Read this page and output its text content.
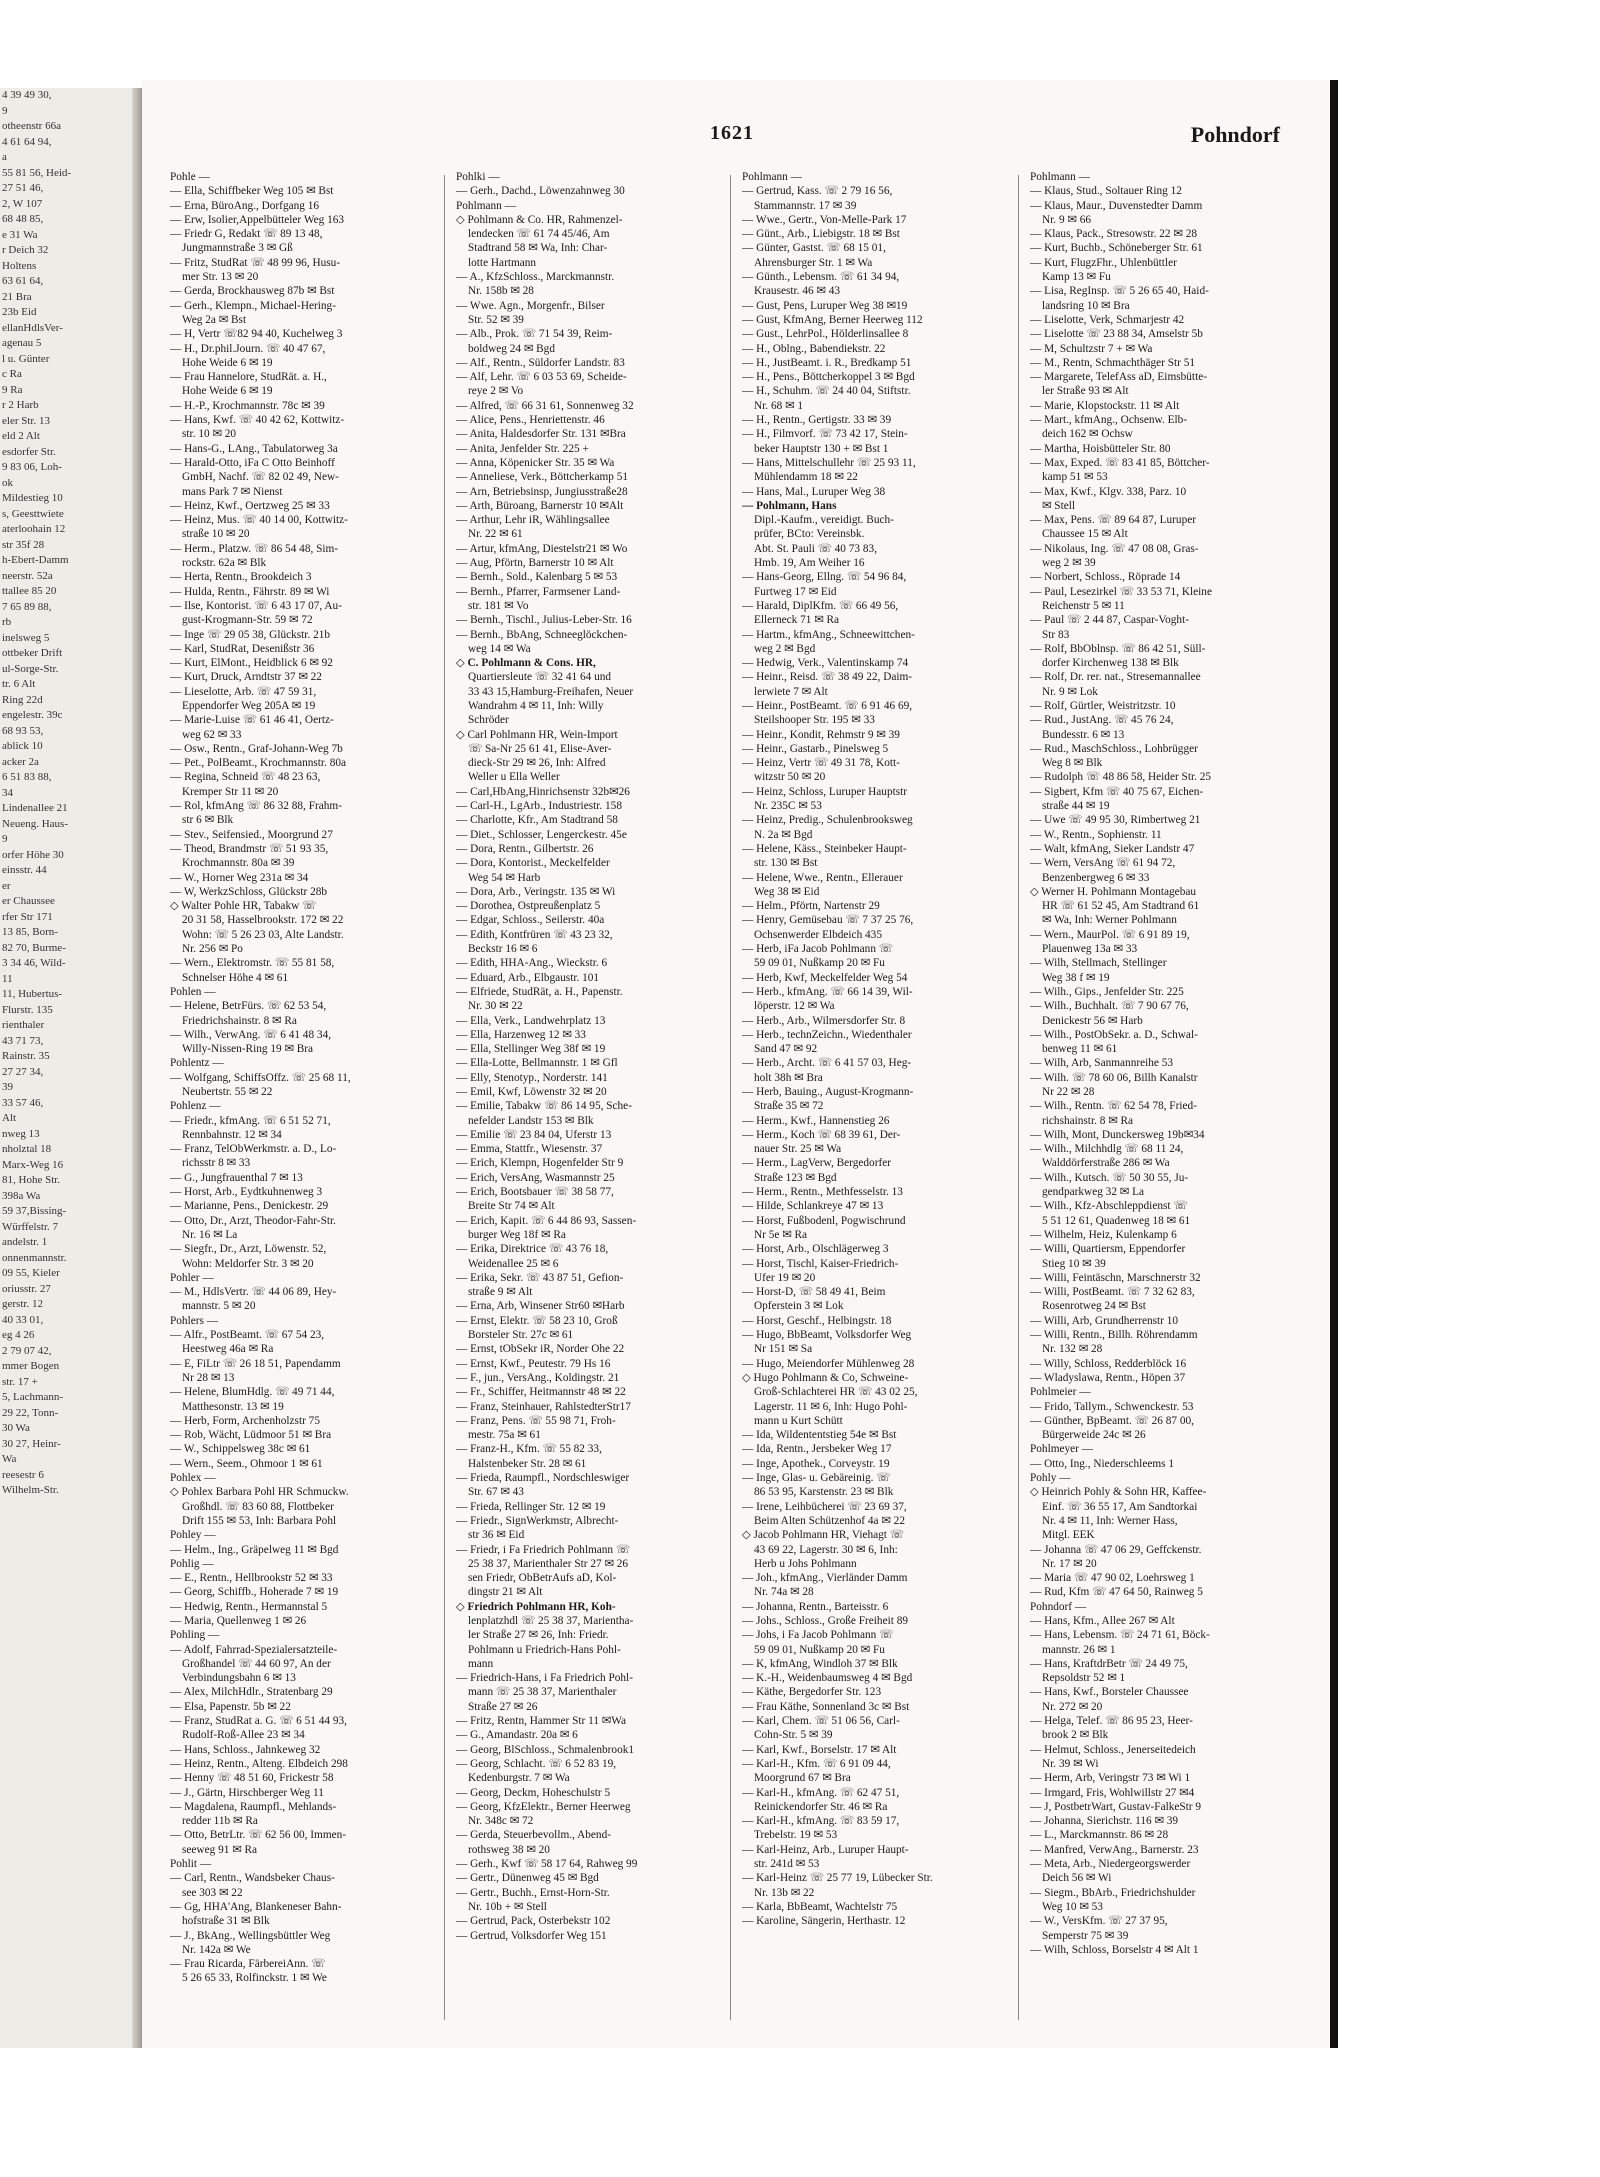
4 39 49 30,
9
otheenstr 66a
4 61 64 94,
a
55 81 56, Heid-
27 51 46,
2, W 107
68 48 85,
e 31 Wa
r Deich 32
Holtens
63 61 64,
21 Bra
23b Eid
ellanHdlsVer-
agenau 5
l u. Günter
c Ra
9 Ra
r 2 Harb
eler Str. 13
eld 2 Alt
esdorfer Str.
9 83 06, Loh-
ok
Mildestieg 10
s, Geesttwiete
aterloohain 12
str 35f 28
h-Ebert-Damm
neerstr. 52a
ttallee 85 20
7 65 89 88,
rb
inelsweg 5
ottbeker Drift
ul-Sorge-Str.
tr. 6 Alt
Ring 22d
engelestr. 39c
68 93 53,
ablick 10
acker 2a
6 51 83 88,
34
Lindenallee 21
Neueng. Haus-
9
orfer Höhe 30
einsstr. 44
er
er Chaussee
rfer Str 171
13 85, Born-
82 70, Burme-
3 34 46, Wild-
11
11, Hubertus-
Flurstr. 135
rienthaler
43 71 73,
Rainstr. 35
27 27 34,
39
33 57 46,
Alt
nweg 13
nholztal 18
Marx-Weg 16
81, Hohe Str.
398a Wa
59 37,Bissing-
Würffelstr. 7
andelstr. 1
onnenmannstr.
09 55, Kieler
oriusstr. 27
gerstr. 12
40 33 01,
eg 4 26
2 79 07 42,
mmer Bogen
str. 17 +
5, Lachmann-
29 22, Tonn-
30 Wa
30 27, Heinr-
Wa
reesestr 6
Wilhelm-Str.
1621	Pohndorf
Pohle —
— Ella, Schiffbeker Weg 105 ✉ Bst
— Erna, BüroAng., Dorfgang 16
— Erw, Isolier,Appelbütteler Weg 163
— Friedr G, Redakt ☏ 89 13 48,
Jungmannstraße 3 ✉ Gß
— Fritz, StudRat ☏ 48 99 96, Husu-
mer Str. 13 ✉ 20
— Gerda, Brockhausweg 87b ✉ Bst
— Gerh., Klempn., Michael-Hering-
Weg 2a ✉ Bst
— H, Vertr ☏82 94 40, Kuchelweg 3
— H., Dr.phil.Journ. ☏ 40 47 67,
Hohe Weide 6 ✉ 19
— Frau Hannelore, StudRät. a. H.,
Hohe Weide 6 ✉ 19
— H.-P., Krochmannstr. 78c ✉ 39
— Hans, Kwf. ☏ 40 42 62, Kottwitz-
str. 10 ✉ 20
— Hans-G., LAng., Tabulatorweg 3a
— Harald-Otto, iFa C Otto Beinhoff
GmbH, Nachf. ☏ 82 02 49, New-
mans Park 7 ✉ Nienst
— Heinz, Kwf., Oertzweg 25 ✉ 33
— Heinz, Mus. ☏ 40 14 00, Kottwitz-
straße 10 ✉ 20
— Herm., Platzw. ☏ 86 54 48, Sim-
rockstr. 62a ✉ Blk
— Herta, Rentn., Brookdeich 3
— Hulda, Rentn., Fährstr. 89 ✉ Wi
— Ilse, Kontorist. ☏ 6 43 17 07, Au-
gust-Krogmann-Str. 59 ✉ 72
— Inge ☏ 29 05 38, Glückstr. 21b
— Karl, StudRat, Desenißstr 36
— Kurt, ElMont., Heidblick 6 ✉ 92
— Kurt, Druck, Arndtstr 37 ✉ 22
— Lieselotte, Arb. ☏ 47 59 31,
Eppendorfer Weg 205A ✉ 19
— Marie-Luise ☏ 61 46 41, Oertz-
weg 62 ✉ 33
— Osw., Rentn., Graf-Johann-Weg 7b
— Pet., PolBeamt., Krochmannstr. 80a
— Regina, Schneid ☏ 48 23 63,
Kremper Str 11 ✉ 20
— Rol, kfmAng ☏ 86 32 88, Frahm-
str 6 ✉ Blk
— Stev., Seifensied., Moorgrund 27
— Theod, Brandmstr ☏ 51 93 35,
Krochmannstr. 80a ✉ 39
— W., Horner Weg 231a ✉ 34
— W, WerkzSchloss, Glückstr 28b
◇ Walter Pohle HR, Tabakw ☏
20 31 58, Hasselbrookstr. 172 ✉ 22
Wohn: ☏ 5 26 23 03, Alte Landstr.
Nr. 256 ✉ Po
— Wern., Elektromstr. ☏ 55 81 58,
Schnelser Höhe 4 ✉ 61
Pohlen —
— Helene, BetrFürs. ☏ 62 53 54,
Friedrichshainstr. 8 ✉ Ra
— Wilh., VerwAng. ☏ 6 41 48 34,
Willy-Nissen-Ring 19 ✉ Bra
Pohlentz —
— Wolfgang, SchiffsOffz. ☏ 25 68 11,
Neubertstr. 55 ✉ 22
Pohlenz —
— Friedr., kfmAng. ☏ 6 51 52 71,
Rennbahnstr. 12 ✉ 34
— Franz, TelObWerkmstr. a. D., Lo-
richsstr 8 ✉ 33
— G., Jungfrauenthal 7 ✉ 13
— Horst, Arb., Eydtkuhnenweg 3
— Marianne, Pens., Denickestr. 29
— Otto, Dr., Arzt, Theodor-Fahr-Str.
Nr. 16 ✉ La
— Siegfr., Dr., Arzt, Löwenstr. 52,
Wohn: Meldorfer Str. 3 ✉ 20
Pohler —
— M., HdlsVertr. ☏ 44 06 89, Hey-
mannstr. 5 ✉ 20
Pohlers —
— Alfr., PostBeamt. ☏ 67 54 23,
Heestweg 46a ✉ Ra
— E, FiLtr ☏ 26 18 51, Papendamm
Nr 28 ✉ 13
— Helene, BlumHdlg. ☏ 49 71 44,
Matthesonstr. 13 ✉ 19
— Herb, Form, Archenholzstr 75
— Rob, Wächt, Lüdmoor 51 ✉ Bra
— W., Schippelsweg 38c ✉ 61
— Wern., Seem., Ohmoor 1 ✉ 61
Pohlex —
◇ Pohlex Barbara Pohl HR Schmuckw.
Großhdl. ☏ 83 60 88, Flottbeker
Drift 155 ✉ 53, Inh: Barbara Pohl
Pohley —
— Helm., Ing., Gräpelweg 11 ✉ Bgd
Pohlig —
— E., Rentn., Hellbrookstr 52 ✉ 33
— Georg, Schiffb., Hoherade 7 ✉ 19
— Hedwig, Rentn., Hermannstal 5
— Maria, Quellenweg 1 ✉ 26
Pohling —
— Adolf, Fahrrad-Spezialersatzteile-
Großhandel ☏ 44 60 97, An der
Verbindungsbahn 6 ✉ 13
— Alex, MilchHdlr., Stratenbarg 29
— Elsa, Papenstr. 5b ✉ 22
— Franz, StudRat a. G. ☏ 6 51 44 93,
Rudolf-Roß-Allee 23 ✉ 34
— Hans, Schloss., Jahnkeweg 32
— Heinz, Rentn., Alteng. Elbdeich 298
— Henny ☏ 48 51 60, Frickestr 58
— J., Gärtn, Hirschberger Weg 11
— Magdalena, Raumpfl., Mehlands-
redder 11b ✉ Ra
— Otto, BetrLtr. ☏ 62 56 00, Immen-
seeweg 91 ✉ Ra
Pohlit —
— Carl, Rentn., Wandsbeker Chaus-
see 303 ✉ 22
— Gg, HHA'Ang, Blankeneser Bahn-
hofstraße 31 ✉ Blk
— J., BkAng., Wellingsbüttler Weg
Nr. 142a ✉ We
— Frau Ricarda, FärbereiAnn. ☏
5 26 65 33, Rolfinckstr. 1 ✉ We
Pohlki —
— Gerh., Dachd., Löwenzahnweg 30
Pohlmann —
◇ Pohlmann & Co. HR, Rahmenzel-
lendecken ☏ 61 74 45/46, Am
Stadtrand 58 ✉ Wa, Inh: Char-
lotte Hartmann
— A., KfzSchloss., Marckmannstr.
Nr. 158b ✉ 28
— Wwe. Agn., Morgenfr., Bilser
Str. 52 ✉ 39
— Alb., Prok. ☏ 71 54 39, Reim-
boldweg 24 ✉ Bgd
— Alf., Rentn., Süldorfer Landstr. 83
— Alf, Lehr. ☏ 6 03 53 69, Scheide-
reye 2 ✉ Vo
— Alfred, ☏ 66 31 61, Sonnenweg 32
— Alice, Pens., Henriettenstr. 46
— Anita, Haldesdorfer Str. 131 ✉Bra
— Anita, Jenfelder Str. 225 +
— Anna, Köpenicker Str. 35 ✉ Wa
— Anneliese, Verk., Böttcherkamp 51
— Arn, Betriebsinsp, Jungiusstraße28
— Arth, Büroang, Barnerstr 10 ✉Alt
— Arthur, Lehr iR, Wählingsallee
Nr. 22 ✉ 61
— Artur, kfmAng, Diestelstr21 ✉ Wo
— Aug, Pförtn, Barnerstr 10 ✉ Alt
— Bernh., Sold., Kalenbarg 5 ✉ 53
— Bernh., Pfarrer, Farmsener Land-
str. 181 ✉ Vo
— Bernh., Tischl., Julius-Leber-Str. 16
— Bernh., BbAng, Schneeglöckchen-
weg 14 ✉ Wa
◇ C. Pohlmann & Cons. HR,
Quartiersleute ☏ 32 41 64 und
33 43 15,Hamburg-Freihafen, Neuer
Wandrahm 4 ✉ 11, Inh: Willy
Schröder
◇ Carl Pohlmann HR, Wein-Import
☏ Sa-Nr 25 61 41, Elise-Aver-
dieck-Str 29 ✉ 26, Inh: Alfred
Weller u Ella Weller
— Carl,HbAng,Hinrichsenstr 32b✉26
— Carl-H., LgArb., Industriestr. 158
— Charlotte, Kfr., Am Stadtrand 58
— Diet., Schlosser, Lengerckestr. 45e
— Dora, Rentn., Gilbertstr. 26
— Dora, Kontorist., Meckelfelder
Weg 54 ✉ Harb
— Dora, Arb., Veringstr. 135 ✉ Wi
— Dorothea, Ostpreußenplatz 5
— Edgar, Schloss., Seilerstr. 40a
— Edith, Kontfrüren ☏ 43 23 32,
Beckstr 16 ✉ 6
— Edith, HHA-Ang., Wieckstr. 6
— Eduard, Arb., Elbgaustr. 101
— Elfriede, StudRät, a. H., Papenstr.
Nr. 30 ✉ 22
— Ella, Verk., Landwehrplatz 13
— Ella, Harzenweg 12 ✉ 33
— Ella, Stellinger Weg 38f ✉ 19
— Ella-Lotte, Bellmannstr. 1 ✉ Gfl
— Elly, Stenotyp., Norderstr. 141
— Emil, Kwf, Löwenstr 32 ✉ 20
— Emilie, Tabakw ☏ 86 14 95, Sche-
nefelder Landstr 153 ✉ Blk
— Emilie ☏ 23 84 04, Uferstr 13
— Emma, Stattfr., Wiesenstr. 37
— Erich, Klempn, Hogenfelder Str 9
— Erich, VersAng, Wasmannstr 25
— Erich, Bootsbauer ☏ 38 58 77,
Breite Str 74 ✉ Alt
— Erich, Kapit. ☏ 6 44 86 93, Sassen-
burger Weg 18f ✉ Ra
— Erika, Direktrice ☏ 43 76 18,
Weidenallee 25 ✉ 6
— Erika, Sekr. ☏ 43 87 51, Gefion-
straße 9 ✉ Alt
— Erna, Arb, Winsener Str60 ✉Harb
— Ernst, Elektr. ☏ 58 23 10, Groß
Borsteler Str. 27c ✉ 61
— Ernst, tObSekr iR, Norder Ohe 22
— Ernst, Kwf., Peutestr. 79 Hs 16
— F., jun., VersAng., Koldingstr. 21
— Fr., Schiffer, Heitmannstr 48 ✉ 22
— Franz, Steinhauer, RahlstedterStr17
— Franz, Pens. ☏ 55 98 71, Froh-
mestr. 75a ✉ 61
— Franz-H., Kfm. ☏ 55 82 33,
Halstenbeker Str. 28 ✉ 61
— Frieda, Raumpfl., Nordschleswiger
Str. 67 ✉ 43
— Frieda, Rellinger Str. 12 ✉ 19
— Friedr., SignWerkmstr, Albrecht-
str 36 ✉ Eid
— Friedr, i Fa Friedrich Pohlmann ☏
25 38 37, Marienthaler Str 27 ✉ 26
sen Friedr, ObBetrAufs aD, Kol-
dingstr 21 ✉ Alt
◇ Friedrich Pohlmann HR, Koh-
lenplatzhdl ☏ 25 38 37, Marientha-
ler Straße 27 ✉ 26, Inh: Friedr.
Pohlmann u Friedrich-Hans Pohl-
mann
— Friedrich-Hans, i Fa Friedrich Pohl-
mann ☏ 25 38 37, Marienthaler
Straße 27 ✉ 26
— Fritz, Rentn, Hammer Str 11 ✉Wa
— G., Amandastr. 20a ✉ 6
— Georg, BlSchloss., Schmalenbrook1
— Georg, Schlacht. ☏ 6 52 83 19,
Kedenburgstr. 7 ✉ Wa
— Georg, Deckm, Hoheschulstr 5
— Georg, KfzElektr., Berner Heerweg
Nr. 348c ✉ 72
— Gerda, Steuerbevollm., Abend-
rothsweg 38 ✉ 20
— Gerh., Kwf ☏ 58 17 64, Rahweg 99
— Gertr., Dünenweg 45 ✉ Bgd
— Gertr., Buchh., Ernst-Horn-Str.
Nr. 10b + ✉ Stell
— Gertrud, Pack, Osterbekstr 102
— Gertrud, Volksdorfer Weg 151
Pohlmann —
— Gertrud, Kass. ☏ 2 79 16 56,
Stammannstr. 17 ✉ 39
— Wwe., Gertr., Von-Melle-Park 17
— Günt., Arb., Liebigstr. 18 ✉ Bst
— Günter, Gastst. ☏ 68 15 01,
Ahrensburger Str. 1 ✉ Wa
— Günth., Lebensm. ☏ 61 34 94,
Krausestr. 46 ✉ 43
— Gust, Pens, Luruper Weg 38 ✉19
— Gust, KfmAng, Berner Heerweg 112
— Gust., LehrPol., Hölderlinsallee 8
— H., Oblng., Babendiekstr. 22
— H., JustBeamt. i. R., Bredkamp 51
— H., Pens., Böttcherkoppel 3 ✉ Bgd
— H., Schuhm. ☏ 24 40 04, Stiftstr.
Nr. 68 ✉ 1
— H., Rentn., Gertigstr. 33 ✉ 39
— H., Filmvorf. ☏ 73 42 17, Stein-
beker Hauptstr 130 + ✉ Bst 1
— Hans, Mittelschullehr ☏ 25 93 11,
Mühlendamm 18 ✉ 22
— Hans, Mal., Luruper Weg 38
— Pohlmann, Hans
Dipl.-Kaufm., vereidigt. Buch-
prüfer, BCto: Vereinsbk.
Abt. St. Pauli ☏ 40 73 83,
Hmb. 19, Am Weiher 16
— Hans-Georg, Ellng. ☏ 54 96 84,
Furtweg 17 ✉ Eid
— Harald, DiplKfm. ☏ 66 49 56,
Ellerneck 71 ✉ Ra
— Hartm., kfmAng., Schneewittchen-
weg 2 ✉ Bgd
— Hedwig, Verk., Valentinskamp 74
— Heinr., Reisd. ☏ 38 49 22, Daim-
lerwiete 7 ✉ Alt
— Heinr., PostBeamt. ☏ 6 91 46 69,
Steilshooper Str. 195 ✉ 33
— Heinr., Kondit, Rehmstr 9 ✉ 39
— Heinr., Gastarb., Pinelsweg 5
— Heinz, Vertr ☏ 49 31 78, Kott-
witzstr 50 ✉ 20
— Heinz, Schloss, Luruper Hauptstr
Nr. 235C ✉ 53
— Heinz, Predig., Schulenbrooksweg
N. 2a ✉ Bgd
— Helene, Käss., Steinbeker Haupt-
str. 130 ✉ Bst
— Helene, Wwe., Rentn., Ellerauer
Weg 38 ✉ Eid
— Helm., Pförtn, Nartenstr 29
— Henry, Gemüsebau ☏ 7 37 25 76,
Ochsenwerder Elbdeich 435
— Herb, iFa Jacob Pohlmann ☏
59 09 01, Nußkamp 20 ✉ Fu
— Herb, Kwf, Meckelfelder Weg 54
— Herb., kfmAng. ☏ 66 14 39, Wil-
löperstr. 12 ✉ Wa
— Herb., Arb., Wilmersdorfer Str. 8
— Herb., technZeichn., Wiedenthaler
Sand 47 ✉ 92
— Herb., Archt. ☏ 6 41 57 03, Heg-
holt 38h ✉ Bra
— Herb, Bauing., August-Krogmann-
Straße 35 ✉ 72
— Herm., Kwf., Hannenstieg 26
— Herm., Koch ☏ 68 39 61, Der-
nauer Str. 25 ✉ Wa
— Herm., LagVerw, Bergedorfer
Straße 123 ✉ Bgd
— Herm., Rentn., Methfesselstr. 13
— Hilde, Schlankreye 47 ✉ 13
— Horst, Fußbodenl, Pogwischrund
Nr 5e ✉ Ra
— Horst, Arb., Olschlägerweg 3
— Horst, Tischl, Kaiser-Friedrich-
Ufer 19 ✉ 20
— Horst-D, ☏ 58 49 41, Beim
Opferstein 3 ✉ Lok
— Horst, Geschf., Helbingstr. 18
— Hugo, BbBeamt, Volksdorfer Weg
Nr 151 ✉ Sa
— Hugo, Meiendorfer Mühlenweg 28
◇ Hugo Pohlmann & Co, Schweine-
Groß-Schlachterei HR ☏ 43 02 25,
Lagerstr. 11 ✉ 6, Inh: Hugo Pohl-
mann u Kurt Schütt
— Ida, Wildententstieg 54e ✉ Bst
— Ida, Rentn., Jersbeker Weg 17
— Inge, Apothek., Corveystr. 19
— Inge, Glas- u. Gebäreinig. ☏
86 53 95, Karstenstr. 23 ✉ Blk
— Irene, Leihbücherei ☏ 23 69 37,
Beim Alten Schützenhof 4a ✉ 22
◇ Jacob Pohlmann HR, Viehagt ☏
43 69 22, Lagerstr. 30 ✉ 6, Inh:
Herb u Johs Pohlmann
— Joh., kfmAng., Vierländer Damm
Nr. 74a ✉ 28
— Johanna, Rentn., Barteisstr. 6
— Johs., Schloss., Große Freiheit 89
— Johs, i Fa Jacob Pohlmann ☏
59 09 01, Nußkamp 20 ✉ Fu
— K, kfmAng, Windloh 37 ✉ Blk
— K.-H., Weidenbaumsweg 4 ✉ Bgd
— Käthe, Bergedorfer Str. 123
— Frau Käthe, Sonnenland 3c ✉ Bst
— Karl, Chem. ☏ 51 06 56, Carl-
Cohn-Str. 5 ✉ 39
— Karl, Kwf., Borselstr. 17 ✉ Alt
— Karl-H., Kfm. ☏ 6 91 09 44,
Moorgrund 67 ✉ Bra
— Karl-H., kfmAng. ☏ 62 47 51,
Reinickendorfer Str. 46 ✉ Ra
— Karl-H., kfmAng. ☏ 83 59 17,
Trebelstr. 19 ✉ 53
— Karl-Heinz, Arb., Luruper Haupt-
str. 241d ✉ 53
— Karl-Heinz ☏ 25 77 19, Lübecker Str.
Nr. 13b ✉ 22
— Karla, BbBeamt, Wachtelstr 75
— Karoline, Sängerin, Herthastr. 12
Pohlmann —
— Klaus, Stud., Soltauer Ring 12
— Klaus, Maur., Duvenstedter Damm
Nr. 9 ✉ 66
— Klaus, Pack., Stresowstr. 22 ✉ 28
— Kurt, Buchb., Schöneberger Str. 61
— Kurt, FlugzFhr., Uhlenbüttler
Kamp 13 ✉ Fu
— Lisa, RegInsp. ☏ 5 26 65 40, Haid-
landsring 10 ✉ Bra
— Liselotte, Verk, Schmarjestr 42
— Liselotte ☏ 23 88 34, Amselstr 5b
— M, Schultzstr 7 + ✉ Wa
— M., Rentn, Schmachthäger Str 51
— Margarete, TelefAss aD, Eimsbütte-
ler Straße 93 ✉ Alt
— Marie, Klopstockstr. 11 ✉ Alt
— Mart., kfmAng., Ochsenw. Elb-
deich 162 ✉ Ochsw
— Martha, Hoisbütteler Str. 80
— Max, Exped. ☏ 83 41 85, Böttcher-
kamp 51 ✉ 53
— Max, Kwf., Klgv. 338, Parz. 10
✉ Stell
— Max, Pens. ☏ 89 64 87, Luruper
Chaussee 15 ✉ Alt
— Nikolaus, Ing. ☏ 47 08 08, Gras-
weg 2 ✉ 39
— Norbert, Schloss., Röprade 14
— Paul, Lesezirkel ☏ 33 53 71, Kleine
Reichenstr 5 ✉ 11
— Paul ☏ 2 44 87, Caspar-Voght-
Str 83
— Rolf, BbOblnsp. ☏ 86 42 51, Süll-
dorfer Kirchenweg 138 ✉ Blk
— Rolf, Dr. rer. nat., Stresemannallee
Nr. 9 ✉ Lok
— Rolf, Gürtler, Weistritzstr. 10
— Rud., JustAng. ☏ 45 76 24,
Bundesstr. 6 ✉ 13
— Rud., MaschSchloss., Lohbrügger
Weg 8 ✉ Blk
— Rudolph ☏ 48 86 58, Heider Str. 25
— Sigbert, Kfm ☏ 40 75 67, Eichen-
straße 44 ✉ 19
— Uwe ☏ 49 95 30, Rimbertweg 21
— W., Rentn., Sophienstr. 11
— Walt, kfmAng, Sieker Landstr 47
— Wern, VersAng ☏ 61 94 72,
Benzenbergweg 6 ✉ 33
◇ Werner H. Pohlmann Montagebau
HR ☏ 61 52 45, Am Stadtrand 61
✉ Wa, Inh: Werner Pohlmann
— Wern., MaurPol. ☏ 6 91 89 19,
Plauenweg 13a ✉ 33
— Wilh, Stellmach, Stellinger
Weg 38 f ✉ 19
— Wilh., Gips., Jenfelder Str. 225
— Wilh., Buchhalt. ☏ 7 90 67 76,
Denickestr 56 ✉ Harb
— Wilh., PostObSekr. a. D., Schwal-
benweg 11 ✉ 61
— Wilh, Arb, Sanmannreihe 53
— Wilh. ☏ 78 60 06, Billh Kanalstr
Nr 22 ✉ 28
— Wilh., Rentn. ☏ 62 54 78, Fried-
richshainstr. 8 ✉ Ra
— Wilh, Mont, Dunckersweg 19b✉34
— Wilh., Milchhdlg ☏ 68 11 24,
Walddörferstraße 286 ✉ Wa
— Wilh., Kutsch. ☏ 50 30 55, Ju-
gendparkweg 32 ✉ La
— Wilh., Kfz-Abschleppdienst ☏
5 51 12 61, Quadenweg 18 ✉ 61
— Wilhelm, Heiz, Kulenkamp 6
— Willi, Quartiersm, Eppendorfer
Stieg 10 ✉ 39
— Willi, Feintäschn, Marschnerstr 32
— Willi, PostBeamt. ☏ 7 32 62 83,
Rosenrotweg 24 ✉ Bst
— Willi, Arb, Grundherrenstr 10
— Willi, Rentn., Billh. Röhrendamm
Nr. 132 ✉ 28
— Willy, Schloss, Redderblöck 16
— Wladyslawa, Rentn., Höpen 37
Pohlmeier —
— Frido, Tallym., Schwenckestr. 53
— Günther, BpBeamt. ☏ 26 87 00,
Bürgerweide 24c ✉ 26
Pohlmeyer —
— Otto, Ing., Niederschleems 1
Pohly —
◇ Heinrich Pohly & Sohn HR, Kaffee-
Einf. ☏ 36 55 17, Am Sandtorkai
Nr. 4 ✉ 11, Inh: Werner Hass,
Mitgl. EEK
— Johanna ☏ 47 06 29, Geffckenstr.
Nr. 17 ✉ 20
— Maria ☏ 47 90 02, Loehrsweg 1
— Rud, Kfm ☏ 47 64 50, Rainweg 5
Pohndorf —
— Hans, Kfm., Allee 267 ✉ Alt
— Hans, Lebensm. ☏ 24 71 61, Böck-
mannstr. 26 ✉ 1
— Hans, KraftdrBetr ☏ 24 49 75,
Repsoldstr 52 ✉ 1
— Hans, Kwf., Borsteler Chaussee
Nr. 272 ✉ 20
— Helga, Telef. ☏ 86 95 23, Heer-
brook 2 ✉ Blk
— Helmut, Schloss., Jenerseitedeich
Nr. 39 ✉ Wi
— Herm, Arb, Veringstr 73 ✉ Wi 1
— Irmgard, Fris, Wohlwillstr 27 ✉4
— J, PostbetrWart, Gustav-FalkeStr 9
— Johanna, Sierichstr. 116 ✉ 39
— L., Marckmannstr. 86 ✉ 28
— Manfred, VerwAng., Barnerstr. 23
— Meta, Arb., Niedergeorgswerder
Deich 56 ✉ Wi
— Siegm., BbArb., Friedrichshulder
Weg 10 ✉ 53
— W., VersKfm. ☏ 27 37 95,
Semperstr 75 ✉ 39
— Wilh, Schloss, Borselstr 4 ✉ Alt 1
